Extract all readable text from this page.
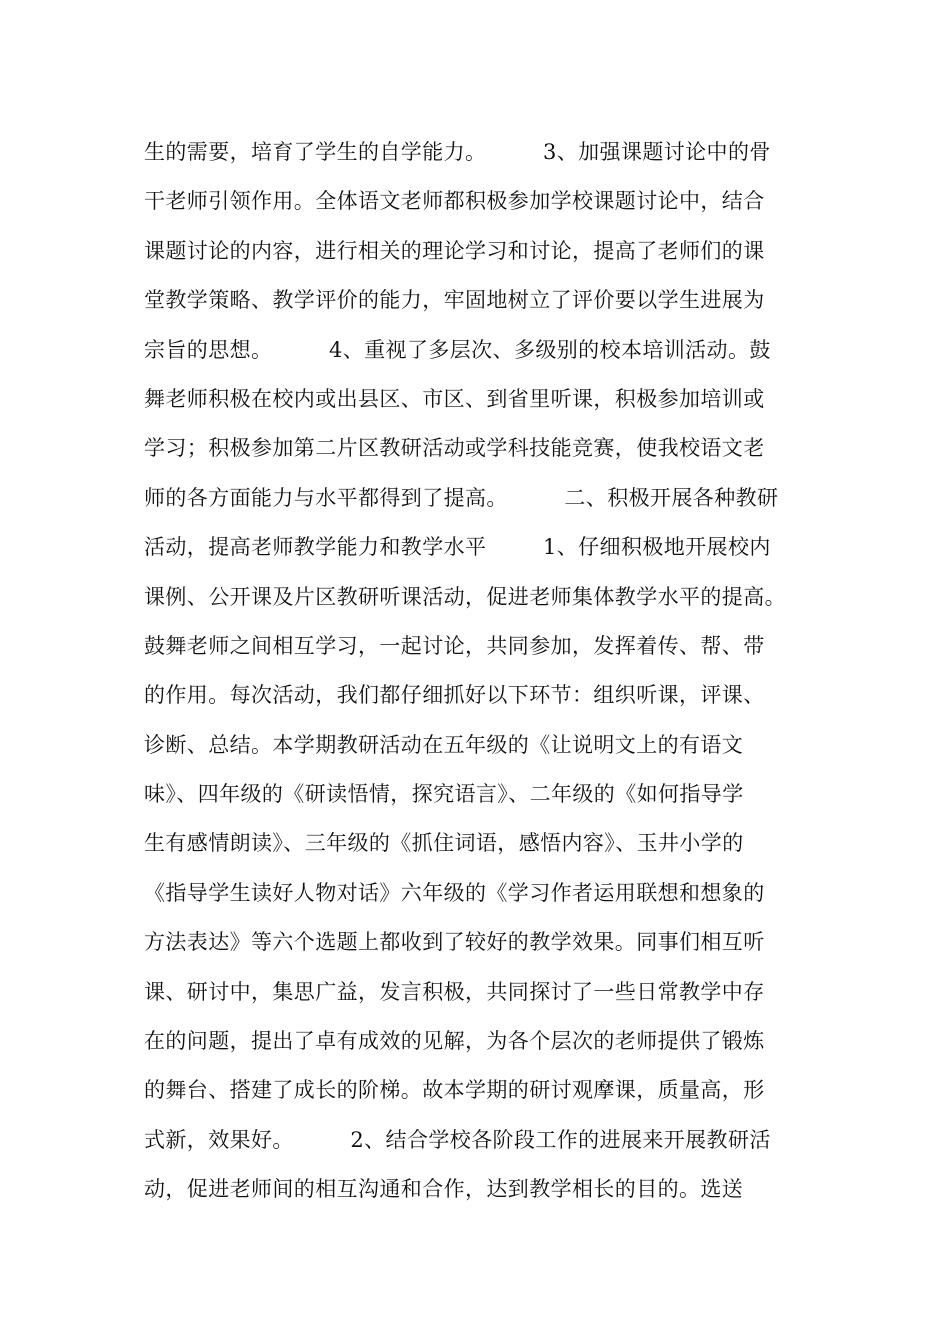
生的需要，培育了学生的自学能力。        3、加强课题讨论中的骨
干老师引领作用。全体语文老师都积极参加学校课题讨论中，结合
课题讨论的内容，进行相关的理论学习和讨论，提高了老师们的课
堂教学策略、教学评价的能力，牢固地树立了评价要以学生进展为
宗旨的思想。        4、重视了多层次、多级别的校本培训活动。鼓
舞老师积极在校内或出县区、市区、到省里听课，积极参加培训或
学习；积极参加第二片区教研活动或学科技能竞赛，使我校语文老
师的各方面能力与水平都得到了提高。        二、积极开展各种教研
活动，提高老师教学能力和教学水平        1、仔细积极地开展校内
课例、公开课及片区教研听课活动，促进老师集体教学水平的提高。
鼓舞老师之间相互学习，一起讨论，共同参加，发挥着传、帮、带
的作用。每次活动，我们都仔细抓好以下环节：组织听课，评课、
诊断、总结。本学期教研活动在五年级的《让说明文上的有语文
味》、四年级的《研读悟情，探究语言》、二年级的《如何指导学
生有感情朗读》、三年级的《抓住词语，感悟内容》、玉井小学的
《指导学生读好人物对话》六年级的《学习作者运用联想和想象的
方法表达》等六个选题上都收到了较好的教学效果。同事们相互听
课、研讨中，集思广益，发言积极，共同探讨了一些日常教学中存
在的问题，提出了卓有成效的见解，为各个层次的老师提供了锻炼
的舞台、搭建了成长的阶梯。故本学期的研讨观摩课，质量高，形
式新，效果好。        2、结合学校各阶段工作的进展来开展教研活
动，促进老师间的相互沟通和合作，达到教学相长的目的。选送
